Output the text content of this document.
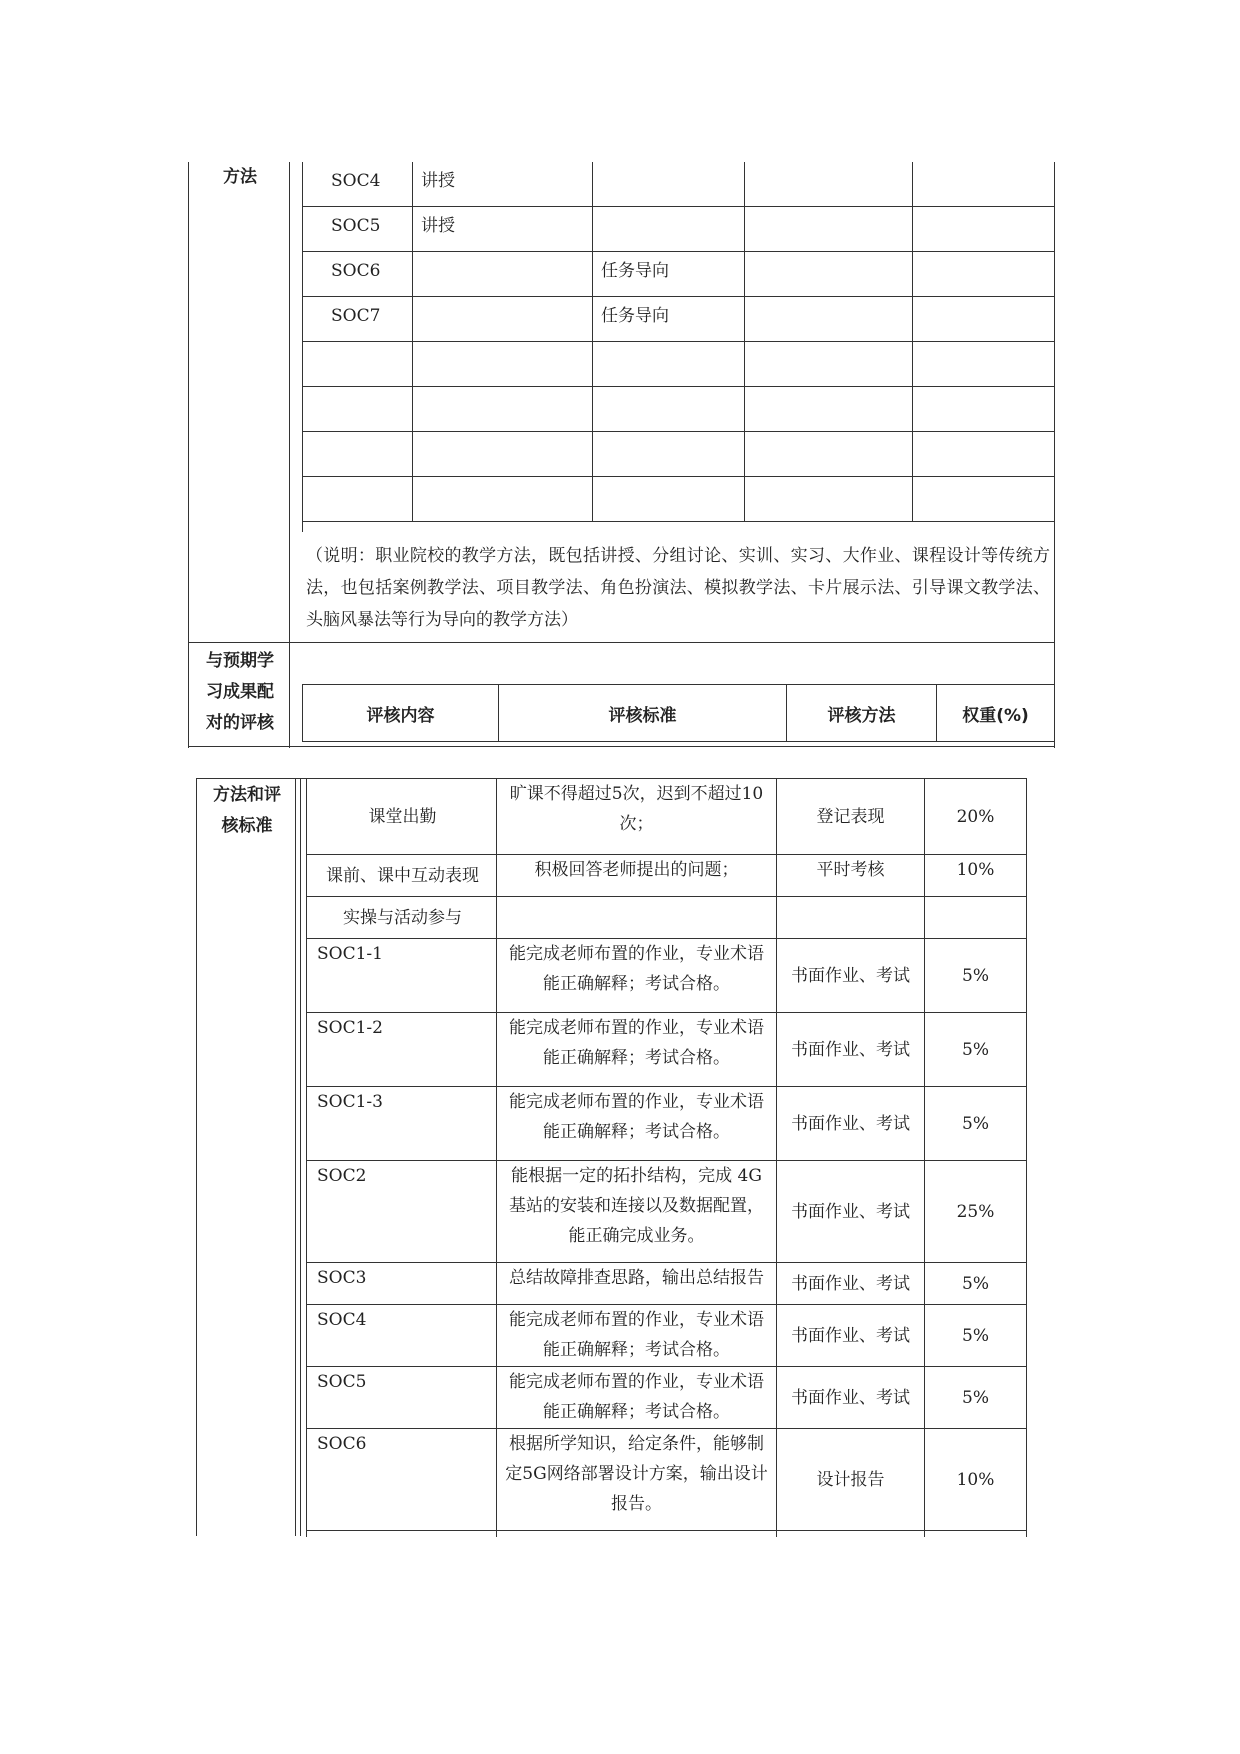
方法
与预期学
习成果配
对的评核
SOC4	讲授			

SOC5	讲授			

SOC6		任务导向		

SOC7		任务导向		

（说明：职业院校的教学方法，既包括讲授、分组讨论、实训、实习、大作业、课程设计等传统方法，也包括案例教学法、项目教学法、角色扮演法、模拟教学法、卡片展示法、引导课文教学法、头脑风暴法等行为导向的教学方法）
评核内容	评核标准	评核方法	权重(%)
方法和评
核标准	课堂出勤	旷课不得超过5次，迟到不超过10次；	登记表现	20%
课前、课中互动表现	积极回答老师提出的问题；	平时考核	10%
实操与活动参与			
SOC1-1	能完成老师布置的作业，专业术语能正确解释；考试合格。	书面作业、考试	5%
SOC1-2	能完成老师布置的作业，专业术语能正确解释；考试合格。	书面作业、考试	5%
SOC1-3	能完成老师布置的作业，专业术语能正确解释；考试合格。	书面作业、考试	5%
SOC2	能根据一定的拓扑结构，完成 4G 基站的安装和连接以及数据配置，能正确完成业务。	书面作业、考试	25%
SOC3	总结故障排查思路，输出总结报告	书面作业、考试	5%
SOC4	能完成老师布置的作业，专业术语能正确解释；考试合格。	书面作业、考试	5%
SOC5	能完成老师布置的作业，专业术语能正确解释；考试合格。	书面作业、考试	5%
SOC6	根据所学知识，给定条件，能够制定5G网络部署设计方案，输出设计报告。	设计报告	10%
